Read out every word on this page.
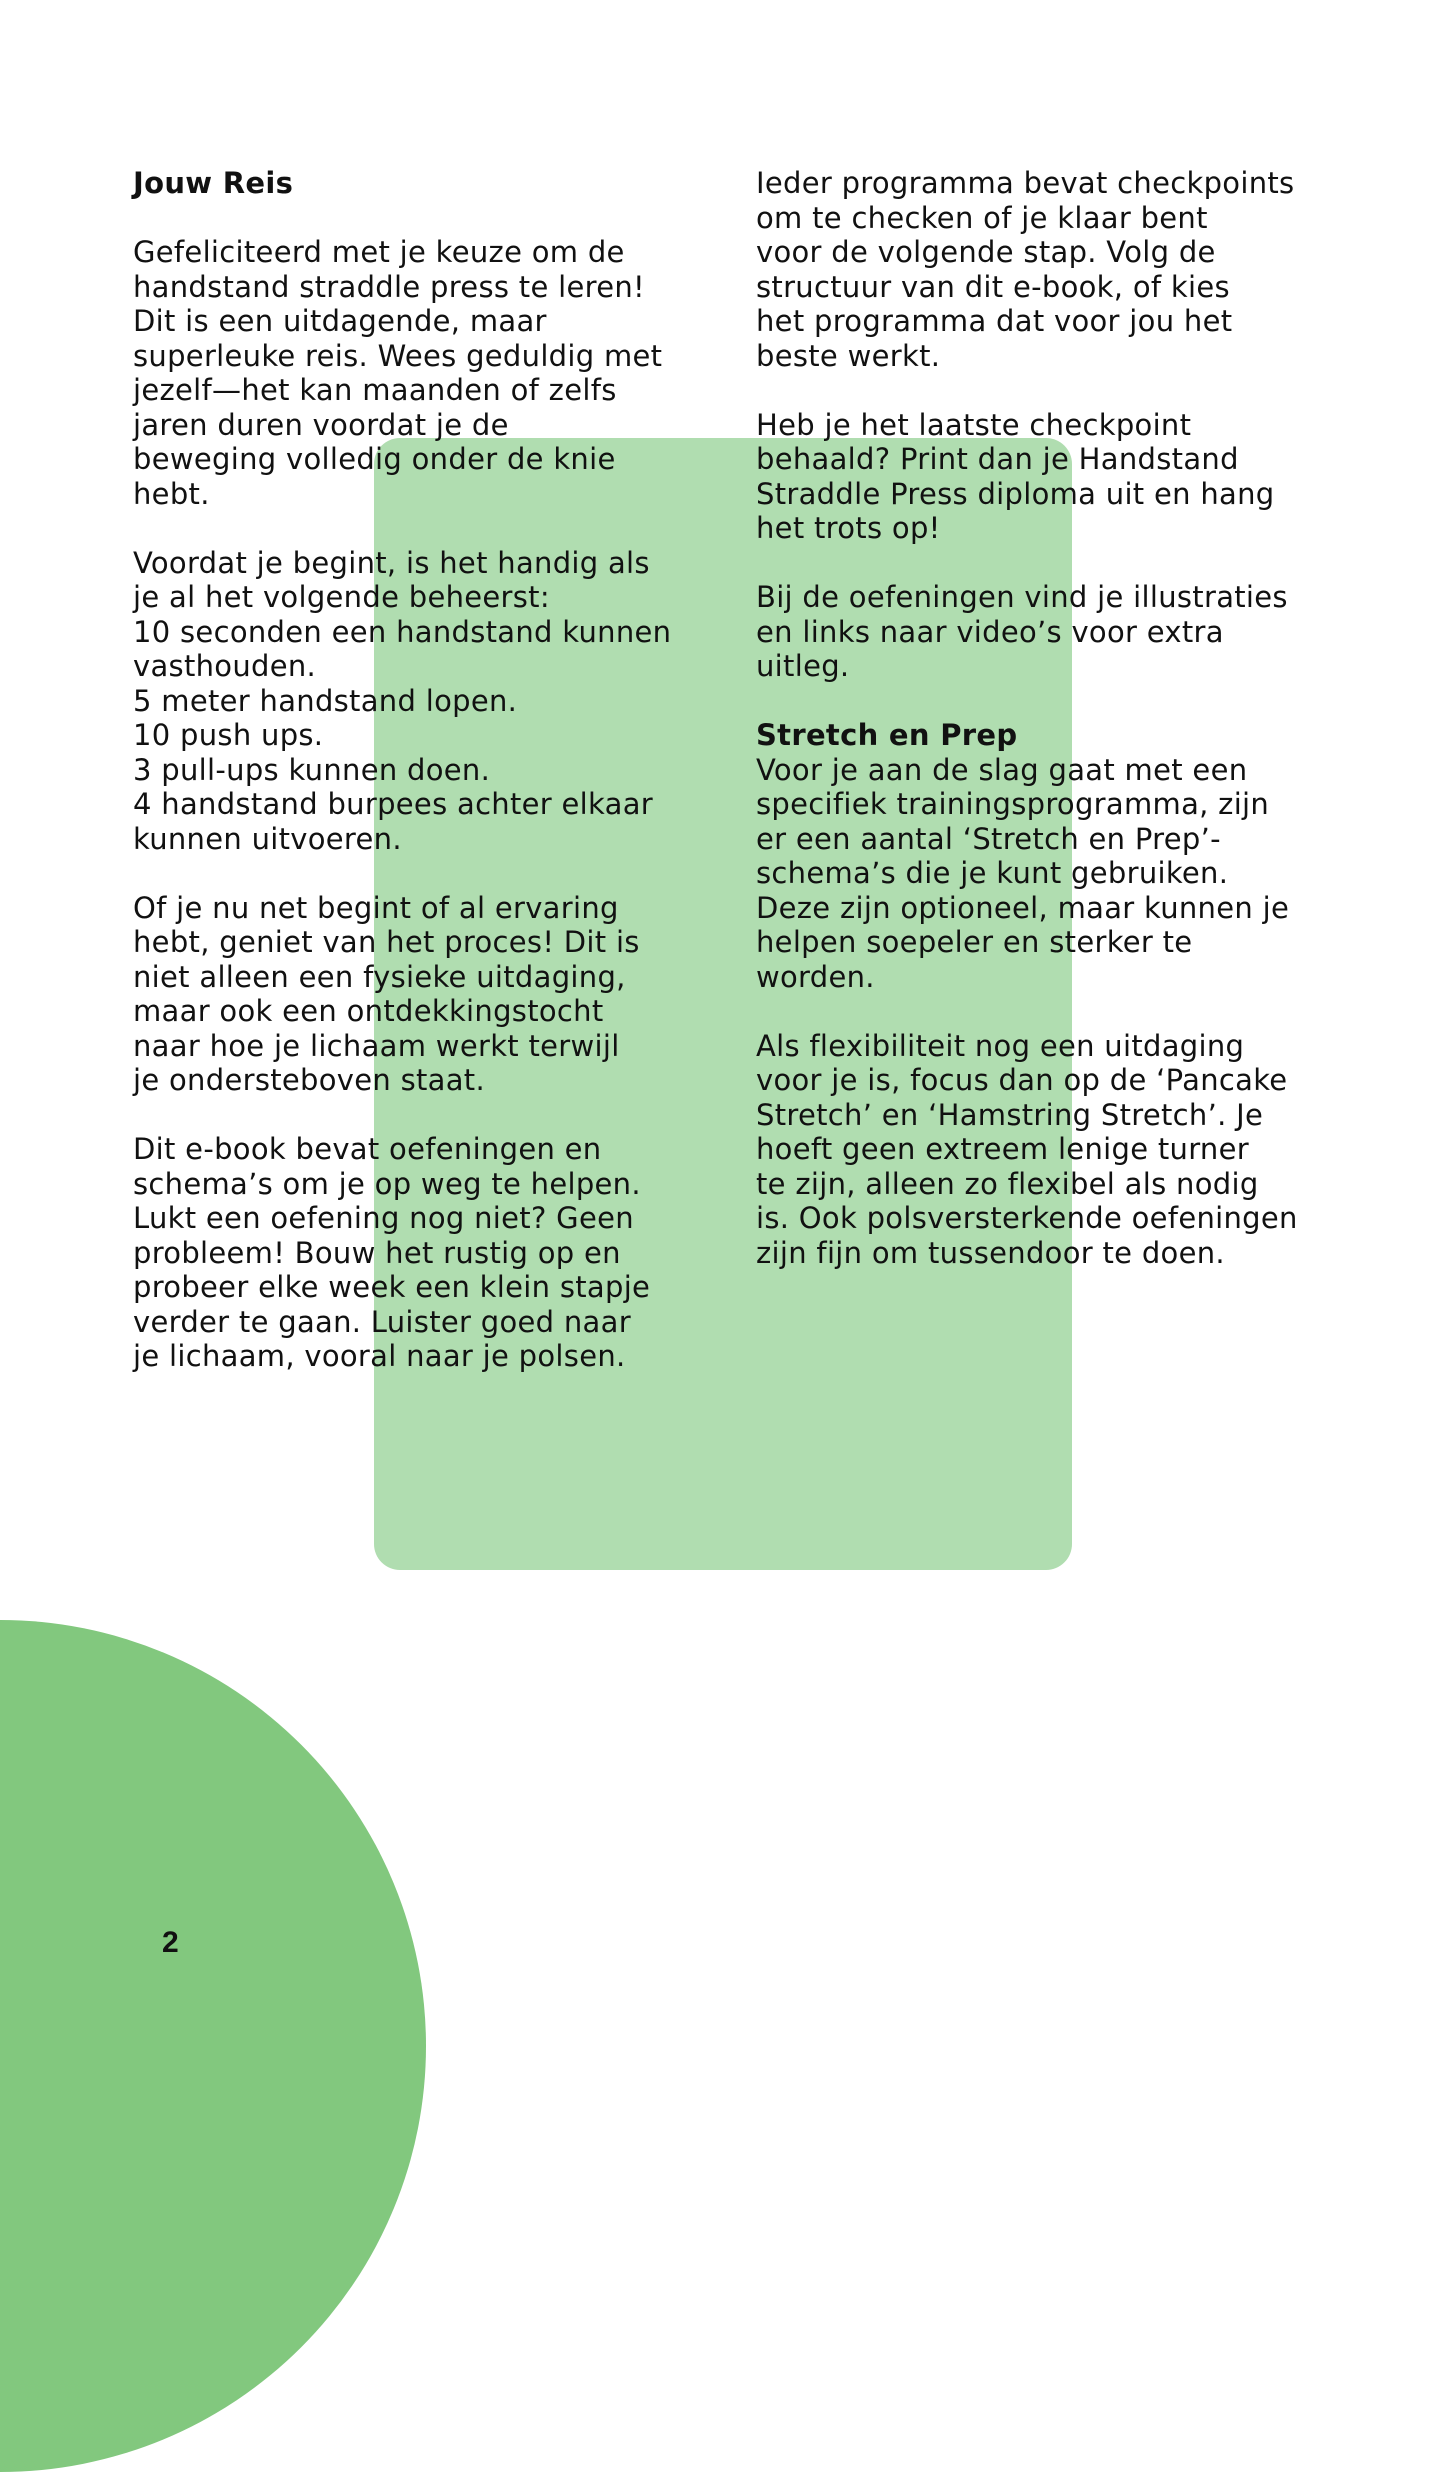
Jouw Reis

Gefeliciteerd met je keuze om de

handstand straddle press te leren!

Dit is een uitdagende, maar

superleuke reis. Wees geduldig met

jezelf—het kan maanden of zelfs

jaren duren voordat je de

beweging volledig onder de knie

hebt.

Voordat je begint, is het handig als

je al het volgende beheerst:

10 seconden een handstand kunnen

vasthouden.

5 meter handstand lopen.

10 push ups.

3 pull-ups kunnen doen.

4 handstand burpees achter elkaar

kunnen uitvoeren.

Of je nu net begint of al ervaring

hebt, geniet van het proces! Dit is

niet alleen een fysieke uitdaging,

maar ook een ontdekkingstocht

naar hoe je lichaam werkt terwijl

je ondersteboven staat.

Dit e-book bevat oefeningen en

schema’s om je op weg te helpen.

Lukt een oefening nog niet? Geen

probleem! Bouw het rustig op en

probeer elke week een klein stapje

verder te gaan. Luister goed naar

je lichaam, vooral naar je polsen.

Ieder programma bevat checkpoints

om te checken of je klaar bent

voor de volgende stap. Volg de

structuur van dit e-book, of kies

het programma dat voor jou het

beste werkt.

Heb je het laatste checkpoint

behaald? Print dan je Handstand

Straddle Press diploma uit en hang

het trots op!

Bij de oefeningen vind je illustraties

en links naar video’s voor extra

uitleg.

Stretch en Prep

Voor je aan de slag gaat met een

specifiek trainingsprogramma, zijn

er een aantal ‘Stretch en Prep’-

schema’s die je kunt gebruiken.

Deze zijn optioneel, maar kunnen je

helpen soepeler en sterker te

worden.

Als flexibiliteit nog een uitdaging

voor je is, focus dan op de ‘Pancake

Stretch’ en ‘Hamstring Stretch’. Je

hoeft geen extreem lenige turner

te zijn, alleen zo flexibel als nodig

is. Ook polsversterkende oefeningen

zijn fijn om tussendoor te doen.

2
